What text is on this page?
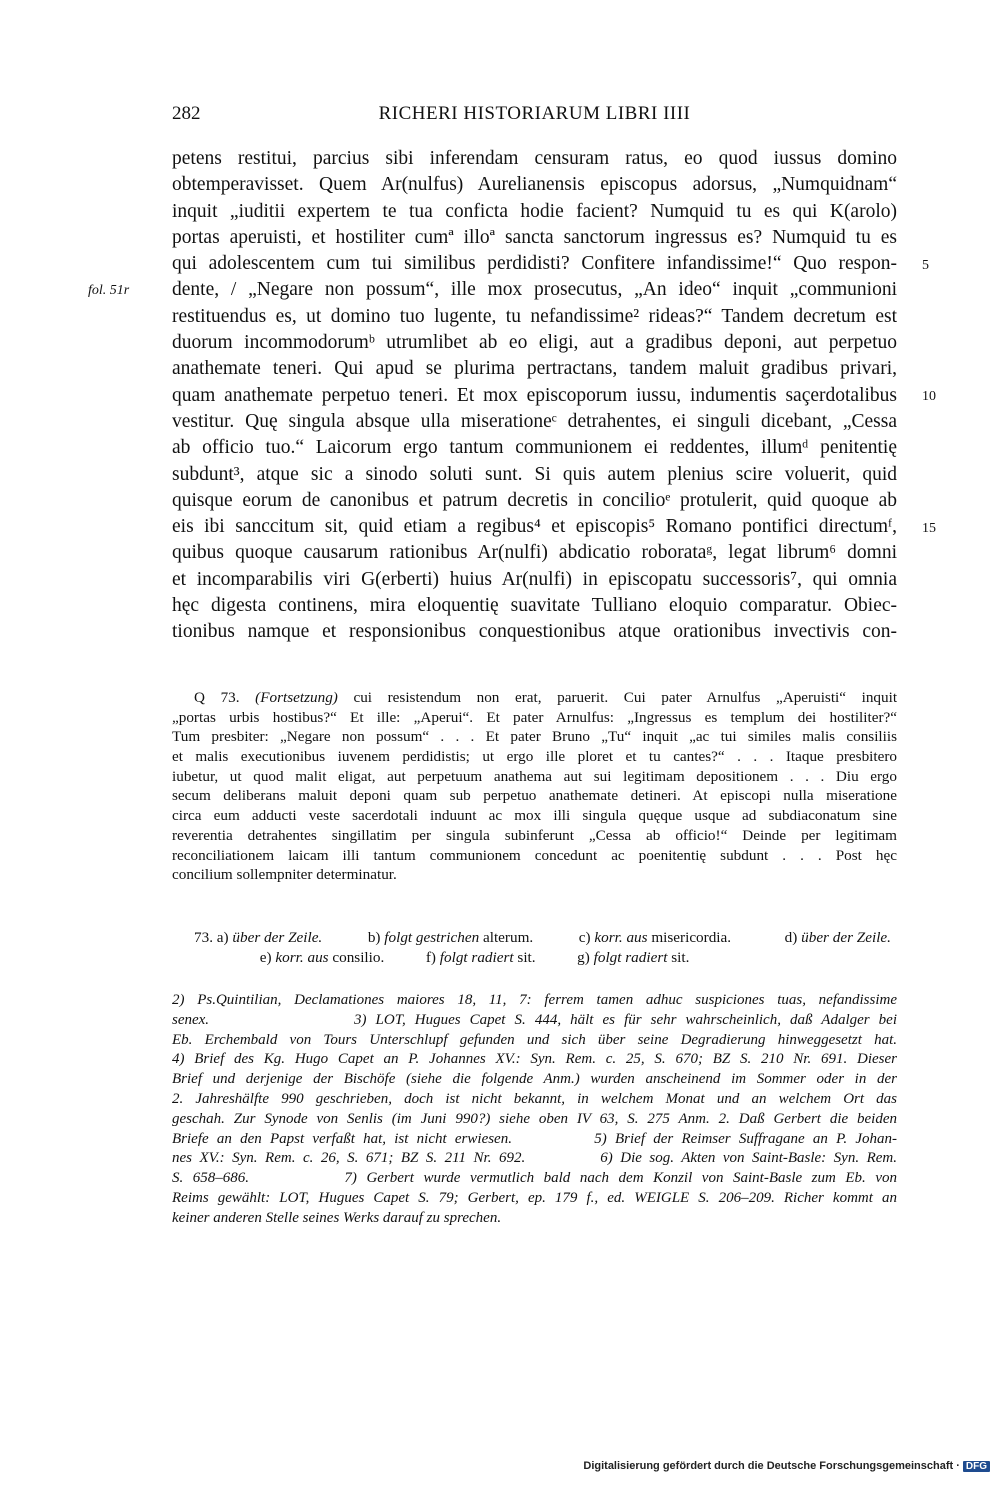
282	RICHERI HISTORIARUM LIBRI IIII
fol. 51r
5
10
15
petens restitui, parcius sibi inferendam censuram ratus, eo quod iussus domino
obtemperavisset. Quem Ar(nulfus) Aurelianensis episcopus adorsus, „Numquidnam“
inquit „iuditii expertem te tua conficta hodie facient? Numquid tu es qui K(arolo)
portas aperuisti, et hostiliter cumª illoª sancta sanctorum ingressus es? Numquid tu es
qui adolescentem cum tui similibus perdidisti? Confitere infandissime!“ Quo respon-
dente, / „Negare non possum“, ille mox prosecutus, „An ideo“ inquit „communioni
restituendus es, ut domino tuo lugente, tu nefandissime² rideas?“ Tandem decretum est
duorum incommodorumᵇ utrumlibet ab eo eligi, aut a gradibus deponi, aut perpetuo
anathemate teneri. Qui apud se plurima pertractans, tandem maluit gradibus privari,
quam anathemate perpetuo teneri. Et mox episcoporum iussu, indumentis saçerdotalibus
vestitur. Quę singula absque ulla miserationeᶜ detrahentes, ei singuli dicebant, „Cessa
ab officio tuo.“ Laicorum ergo tantum communionem ei reddentes, illumᵈ penitentię
subdunt³, atque sic a sinodo soluti sunt. Si quis autem plenius scire voluerit, quid
quisque eorum de canonibus et patrum decretis in concilioᵉ protulerit, quid quoque ab
eis ibi sanccitum sit, quid etiam a regibus⁴ et episcopis⁵ Romano pontifici directumᶠ,
quibus quoque causarum rationibus Ar(nulfi) abdicatio roborataᵍ, legat librum⁶ domni
et incomparabilis viri G(erberti) huius Ar(nulfi) in episcopatu successoris⁷, qui omnia
hęc digesta continens, mira eloquentię suavitate Tulliano eloquio comparatur. Obiec-
tionibus namque et responsionibus conquestionibus atque orationibus invectivis con-
Q 73. (Fortsetzung) cui resistendum non erat, paruerit. Cui pater Arnulfus „Aperuisti“ inquit
„portas urbis hostibus?“ Et ille: „Aperui“. Et pater Arnulfus: „Ingressus es templum dei hostiliter?“
Tum presbiter: „Negare non possum“ . . . Et pater Bruno „Tu“ inquit „ac tui similes malis consiliis
et malis executionibus iuvenem perdidistis; ut ergo ille ploret et tu cantes?“ . . . Itaque presbitero
iubetur, ut quod malit eligat, aut perpetuum anathema aut sui legitimam depositionem . . . Diu ergo
secum deliberans maluit deponi quam sub perpetuo anathemate detineri. At episcopi nulla miseratione
circa eum adducti veste sacerdotali induunt ac mox illi singula quęque usque ad subdiaconatum sine
reverentia detrahentes singillatim per singula subinferunt „Cessa ab officio!“ Deinde per legitimam
reconciliationem laicam illi tantum communionem concedunt ac poenitentię subdunt . . . Post hęc
concilium sollempniter determinatur.
73. a) über der Zeile.	b) folgt gestrichen alterum.	c) korr. aus misericordia.	d) über der Zeile.
e) korr. aus consilio.	f) folgt radiert sit.	g) folgt radiert sit.
2) Ps.Quintilian, Declamationes maiores 18, 11, 7: ferrem tamen adhuc suspiciones tuas, nefandissime
senex.                3) LOT, Hugues Capet S. 444, hält es für sehr wahrscheinlich, daß Adalger bei
Eb. Erchembald von Tours Unterschlupf gefunden und sich über seine Degradierung hinweggesetzt hat.
4) Brief des Kg. Hugo Capet an P. Johannes XV.: Syn. Rem. c. 25, S. 670; BZ S. 210 Nr. 691. Dieser
Brief und derjenige der Bischöfe (siehe die folgende Anm.) wurden anscheinend im Sommer oder in der
2. Jahreshälfte 990 geschrieben, doch ist nicht bekannt, in welchem Monat und an welchem Ort das
geschah. Zur Synode von Senlis (im Juni 990?) siehe oben IV 63, S. 275 Anm. 2. Daß Gerbert die beiden
Briefe an den Papst verfaßt hat, ist nicht erwiesen.          5) Brief der Reimser Suffragane an P. Johan-
nes XV.: Syn. Rem. c. 26, S. 671; BZ S. 211 Nr. 692.          6) Die sog. Akten von Saint-Basle: Syn. Rem.
S. 658–686.          7) Gerbert wurde vermutlich bald nach dem Konzil von Saint-Basle zum Eb. von
Reims gewählt: LOT, Hugues Capet S. 79; Gerbert, ep. 179 f., ed. WEIGLE S. 206–209. Richer kommt an
keiner anderen Stelle seines Werks darauf zu sprechen.
Digitalisierung gefördert durch die Deutsche Forschungsgemeinschaft · DFG
